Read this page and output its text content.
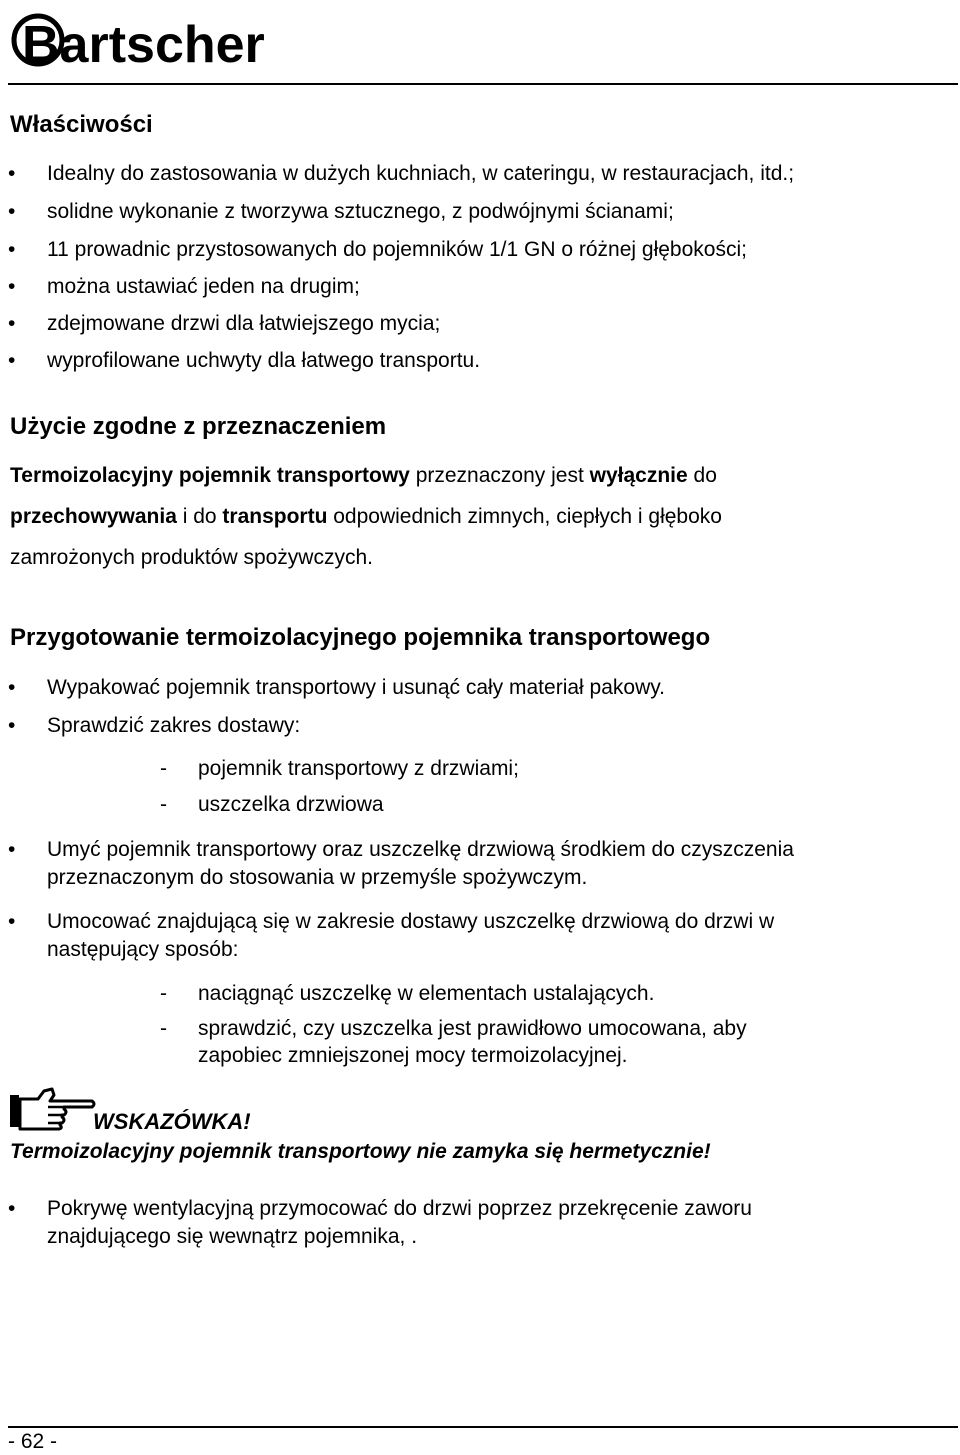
Bartscher
Właściwości
• Idealny do zastosowania w dużych kuchniach, w cateringu, w restauracjach, itd.;
• solidne wykonanie z tworzywa sztucznego, z podwójnymi ścianami;
• 11 prowadnic przystosowanych do pojemników 1/1 GN o różnej głębokości;
• można ustawiać jeden na drugim;
• zdejmowane drzwi dla łatwiejszego mycia;
• wyprofilowane uchwyty dla łatwego transportu.
Użycie zgodne z przeznaczeniem
Termoizolacyjny pojemnik transportowy przeznaczony jest wyłącznie do
przechowywania i do transportu odpowiednich zimnych, ciepłych i głęboko
zamrożonych produktów spożywczych.
Przygotowanie termoizolacyjnego pojemnika transportowego
• Wypakować pojemnik transportowy i usunąć cały materiał pakowy.
• Sprawdzić zakres dostawy:
- pojemnik transportowy z drzwiami;
- uszczelka drzwiowa
• Umyć pojemnik transportowy oraz uszczelkę drzwiową środkiem do czyszczenia
przeznaczonym do stosowania w przemyśle spożywczym.
• Umocować znajdującą się w zakresie dostawy uszczelkę drzwiową do drzwi w
następujący sposób:
- naciągnąć uszczelkę w elementach ustalających.
- sprawdzić, czy uszczelka jest prawidłowo umocowana, aby
zapobiec zmniejszonej mocy termoizolacyjnej.
WSKAZÓWKA!
Termoizolacyjny pojemnik transportowy nie zamyka się hermetycznie!
• Pokrywę wentylacyjną przymocować do drzwi poprzez przekręcenie zaworu
znajdującego się wewnątrz pojemnika, .
- 62 -
